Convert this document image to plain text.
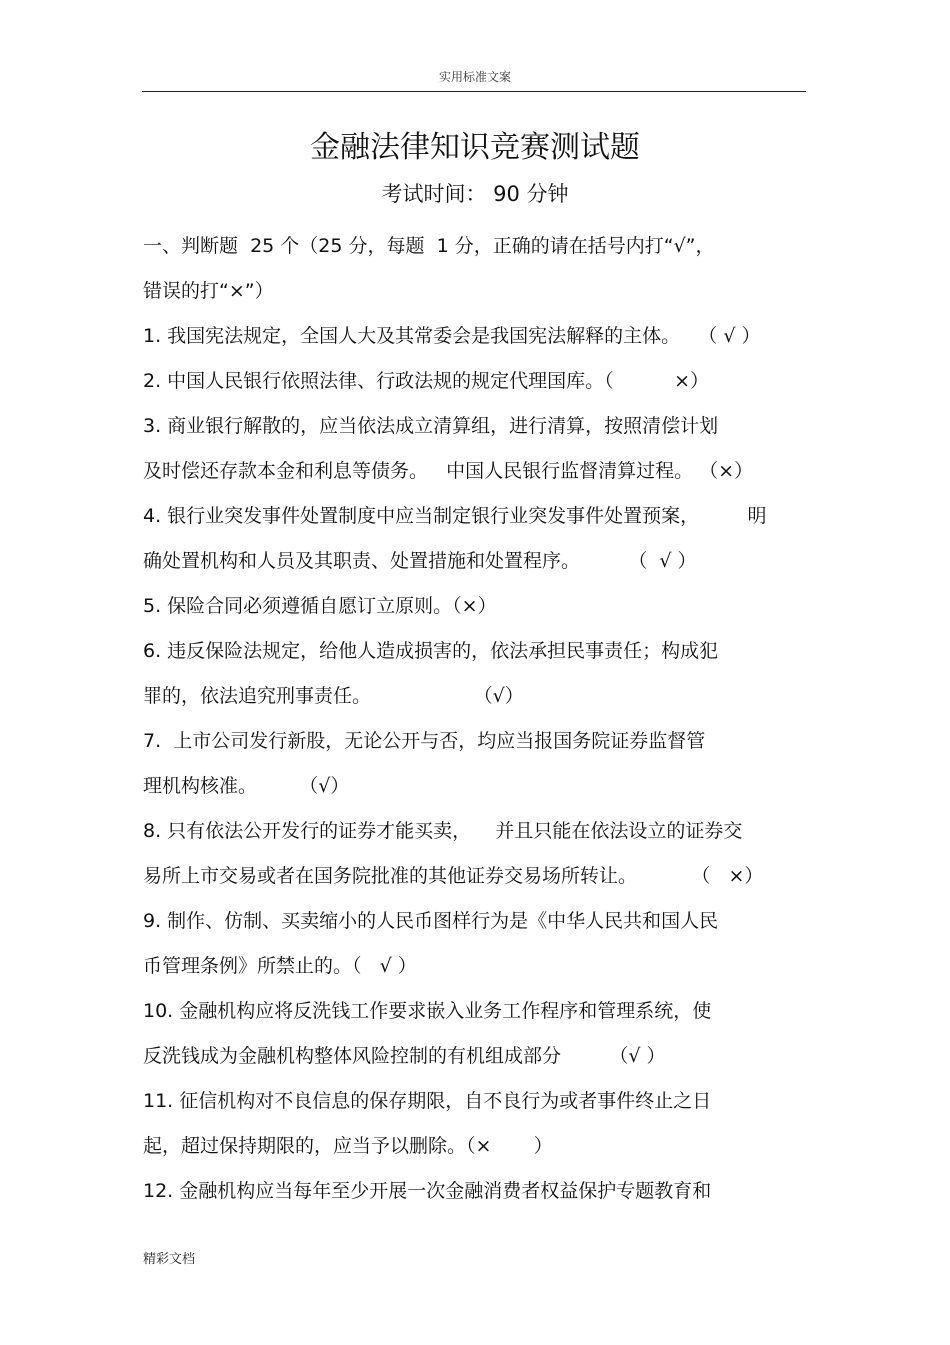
实用标准文案
金融法律知识竞赛测试题
考试时间： 90 分钟
一、判断题  25 个（25 分，每题  1 分，正确的请在括号内打“√”，
错误的打“×”）
1. 我国宪法规定，全国人大及其常委会是我国宪法解释的主体。   （ √ ）
2. 中国人民银行依照法律、行政法规的规定代理国库。（          ×）
3. 商业银行解散的，应当依法成立清算组，进行清算，按照清偿计划
及时偿还存款本金和利息等债务。   中国人民银行监督清算过程。 （×）
4. 银行业突发事件处置制度中应当制定银行业突发事件处置预案，        明
确处置机构和人员及其职责、处置措施和处置程序。        （  √ ）
5. 保险合同必须遵循自愿订立原则。（×）
6. 违反保险法规定，给他人造成损害的，依法承担民事责任；构成犯
罪的，依法追究刑事责任。                 （√）
7.  上市公司发行新股，无论公开与否，均应当报国务院证券监督管
理机构核准。       （√）
8. 只有依法公开发行的证券才能买卖，    并且只能在依法设立的证券交
易所上市交易或者在国务院批准的其他证券交易场所转让。         （   ×）
9. 制作、仿制、买卖缩小的人民币图样行为是《中华人民共和国人民
币管理条例》所禁止的。（   √ ）
10. 金融机构应将反洗钱工作要求嵌入业务工作程序和管理系统，使
反洗钱成为金融机构整体风险控制的有机组成部分        （√ ）
11. 征信机构对不良信息的保存期限，自不良行为或者事件终止之日
起，超过保持期限的，应当予以删除。（×       ）
12. 金融机构应当每年至少开展一次金融消费者权益保护专题教育和
精彩文档
